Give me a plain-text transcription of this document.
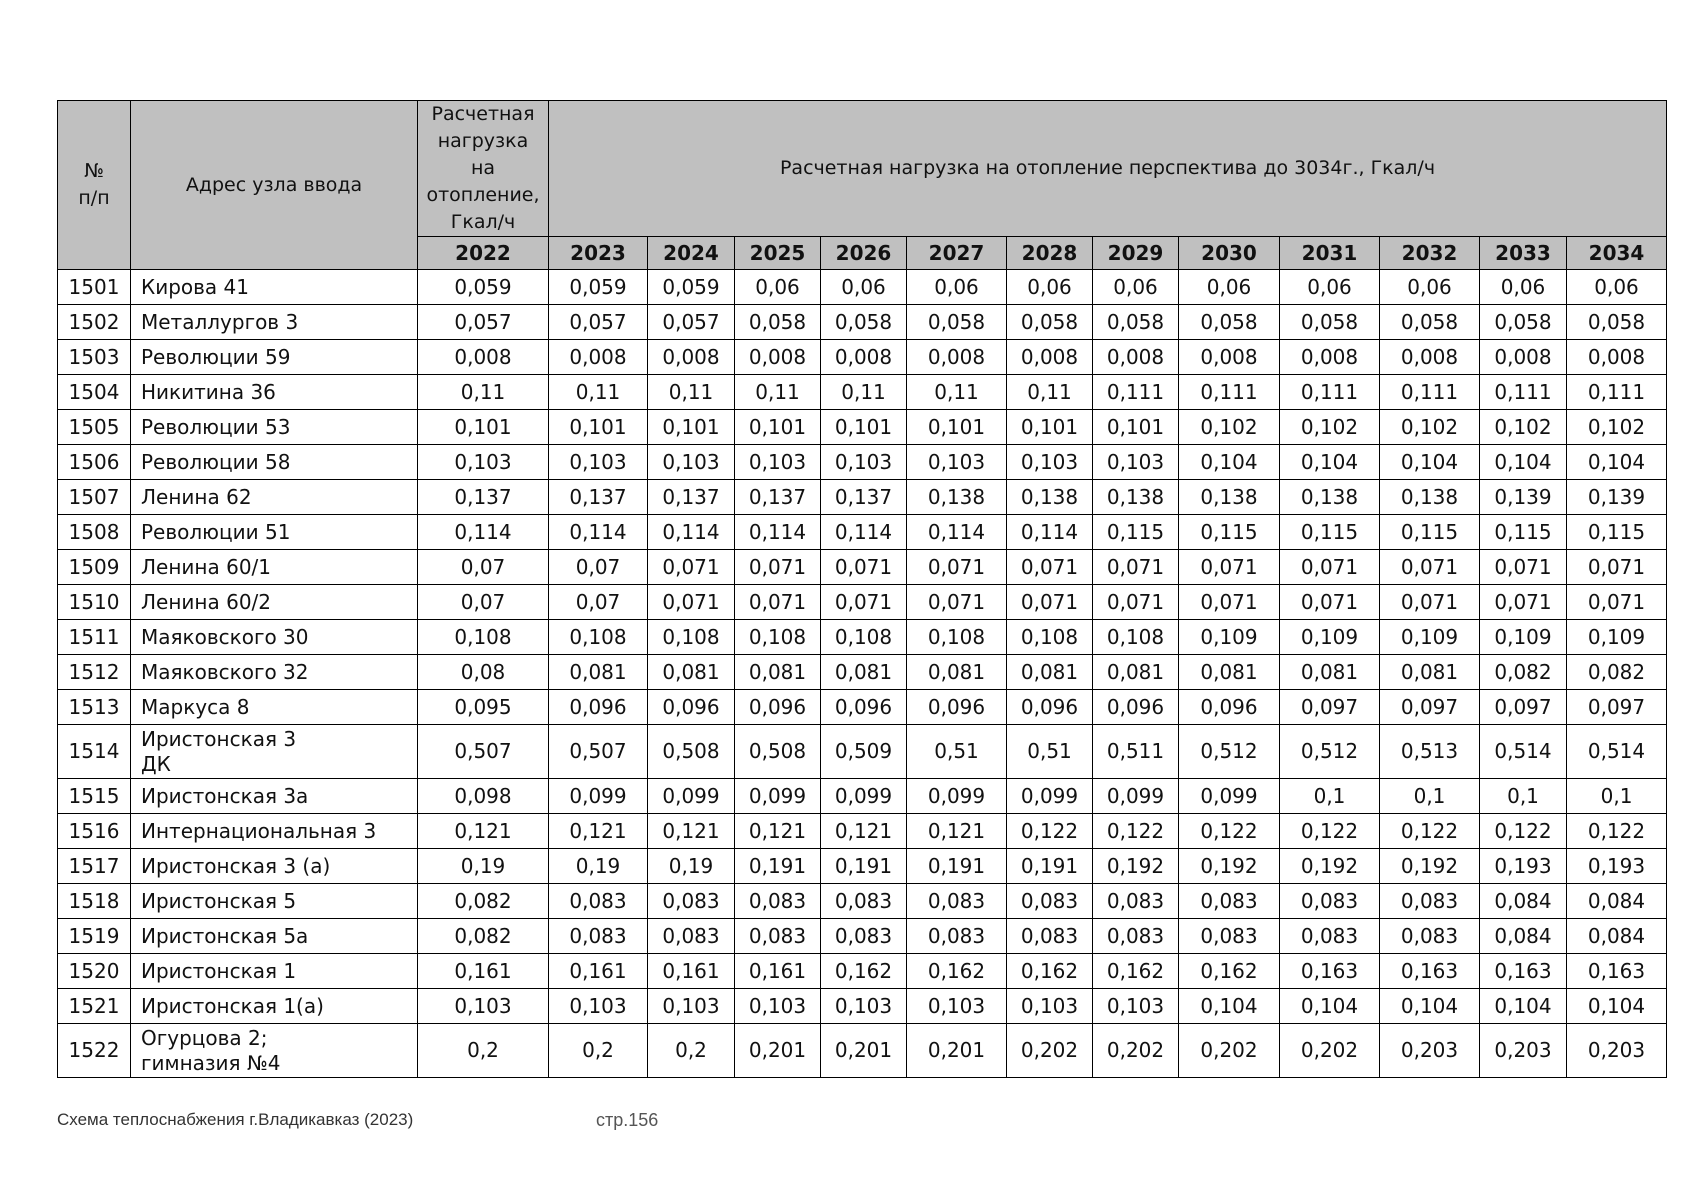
№
п/п	Адрес узла ввода	Расчетная нагрузка на отопление, Гкал/ч	Расчетная нагрузка на отопление перспектива до 3034г., Гкал/ч											
		2022	2023	2024	2025	2026	2027	2028	2029	2030	2031	2032	2033	2034
1501	Кирова 41	0,059	0,059	0,059	0,06	0,06	0,06	0,06	0,06	0,06	0,06	0,06	0,06	0,06
1502	Металлургов 3	0,057	0,057	0,057	0,058	0,058	0,058	0,058	0,058	0,058	0,058	0,058	0,058	0,058
1503	Революции 59	0,008	0,008	0,008	0,008	0,008	0,008	0,008	0,008	0,008	0,008	0,008	0,008	0,008
1504	Никитина 36	0,11	0,11	0,11	0,11	0,11	0,11	0,11	0,111	0,111	0,111	0,111	0,111	0,111
1505	Революции 53	0,101	0,101	0,101	0,101	0,101	0,101	0,101	0,101	0,102	0,102	0,102	0,102	0,102
1506	Революции 58	0,103	0,103	0,103	0,103	0,103	0,103	0,103	0,103	0,104	0,104	0,104	0,104	0,104
1507	Ленина 62	0,137	0,137	0,137	0,137	0,137	0,138	0,138	0,138	0,138	0,138	0,138	0,139	0,139
1508	Революции 51	0,114	0,114	0,114	0,114	0,114	0,114	0,114	0,115	0,115	0,115	0,115	0,115	0,115
1509	Ленина 60/1	0,07	0,07	0,071	0,071	0,071	0,071	0,071	0,071	0,071	0,071	0,071	0,071	0,071
1510	Ленина 60/2	0,07	0,07	0,071	0,071	0,071	0,071	0,071	0,071	0,071	0,071	0,071	0,071	0,071
1511	Маяковского 30	0,108	0,108	0,108	0,108	0,108	0,108	0,108	0,108	0,109	0,109	0,109	0,109	0,109
1512	Маяковского 32	0,08	0,081	0,081	0,081	0,081	0,081	0,081	0,081	0,081	0,081	0,081	0,082	0,082
1513	Маркуса 8	0,095	0,096	0,096	0,096	0,096	0,096	0,096	0,096	0,096	0,097	0,097	0,097	0,097
1514	Иристонская 3
ДК	0,507	0,507	0,508	0,508	0,509	0,51	0,51	0,511	0,512	0,512	0,513	0,514	0,514
1515	Иристонская 3а	0,098	0,099	0,099	0,099	0,099	0,099	0,099	0,099	0,099	0,1	0,1	0,1	0,1
1516	Интернациональная 3	0,121	0,121	0,121	0,121	0,121	0,121	0,122	0,122	0,122	0,122	0,122	0,122	0,122
1517	Иристонская 3 (а)	0,19	0,19	0,19	0,191	0,191	0,191	0,191	0,192	0,192	0,192	0,192	0,193	0,193
1518	Иристонская 5	0,082	0,083	0,083	0,083	0,083	0,083	0,083	0,083	0,083	0,083	0,083	0,084	0,084
1519	Иристонская 5а	0,082	0,083	0,083	0,083	0,083	0,083	0,083	0,083	0,083	0,083	0,083	0,084	0,084
1520	Иристонская 1	0,161	0,161	0,161	0,161	0,162	0,162	0,162	0,162	0,162	0,163	0,163	0,163	0,163
1521	Иристонская 1(а)	0,103	0,103	0,103	0,103	0,103	0,103	0,103	0,103	0,104	0,104	0,104	0,104	0,104
1522	Огурцова 2;
гимназия №4	0,2	0,2	0,2	0,201	0,201	0,201	0,202	0,202	0,202	0,202	0,203	0,203	0,203
Схема теплоснабжения г.Владикавказ (2023)	стр.156
